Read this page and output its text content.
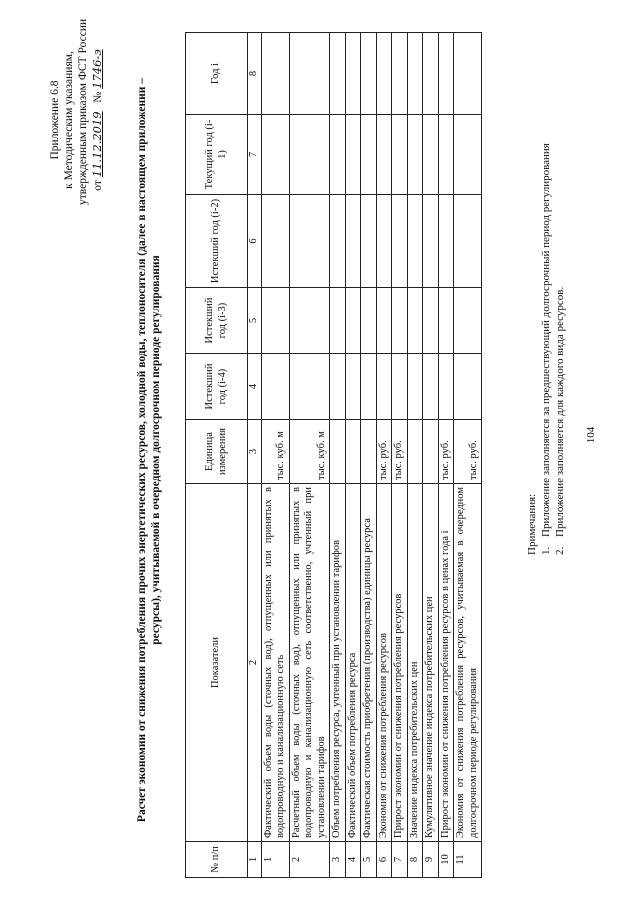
Приложение 6.8 к Методическим указаниям, утвержденным приказом ФСТ России от 11.12.2019   № 1746-э
Расчет экономии от снижения потребления прочих энергетических ресурсов, холодной воды, теплоносителя (далее в настоящем приложении – ресурсы), учитываемой в очередном долгосрочном периоде регулирования
№ п/п	Показатели	Единица измерения	Истекший год (i-4)	Истекший год (i-3)	Истекший год (i-2)	Текущий год (i-1)	Год i
1	2	3	4	5	6	7	8
1	Фактический объем воды (сточных вод), отпущенных или принятых в водопроводную и канализационную сеть	тыс. куб. м					
2	Расчетный объем воды (сточных вод), отпущенных или принятых в водопроводную и канализационную сеть соответственно, учтенный при установлении тарифов	тыс. куб. м					
3	Объем потребления ресурса, учтенный при установлении тарифов						
4	Фактический объем потребления ресурса						
5	Фактическая стоимость приобретения (производства) единицы ресурса						
6	Экономия от снижения потребления ресурсов	тыс. руб.					
7	Прирост экономии от снижения потребления ресурсов	тыс. руб.					
8	Значение индекса потребительских цен						
9	Кумулятивное значение индекса потребительских цен						
10	Прирост экономии от снижения потребления ресурсов в ценах года i	тыс. руб.					
11	Экономия от снижения потребления ресурсов, учитываемая в очередном долгосрочном периоде регулирования	тыс. руб.					
Примечания: 1.
Приложение заполняется за предшествующий долгосрочный период регулирования
2.
Приложение заполняется для каждого вида ресурсов. 104
